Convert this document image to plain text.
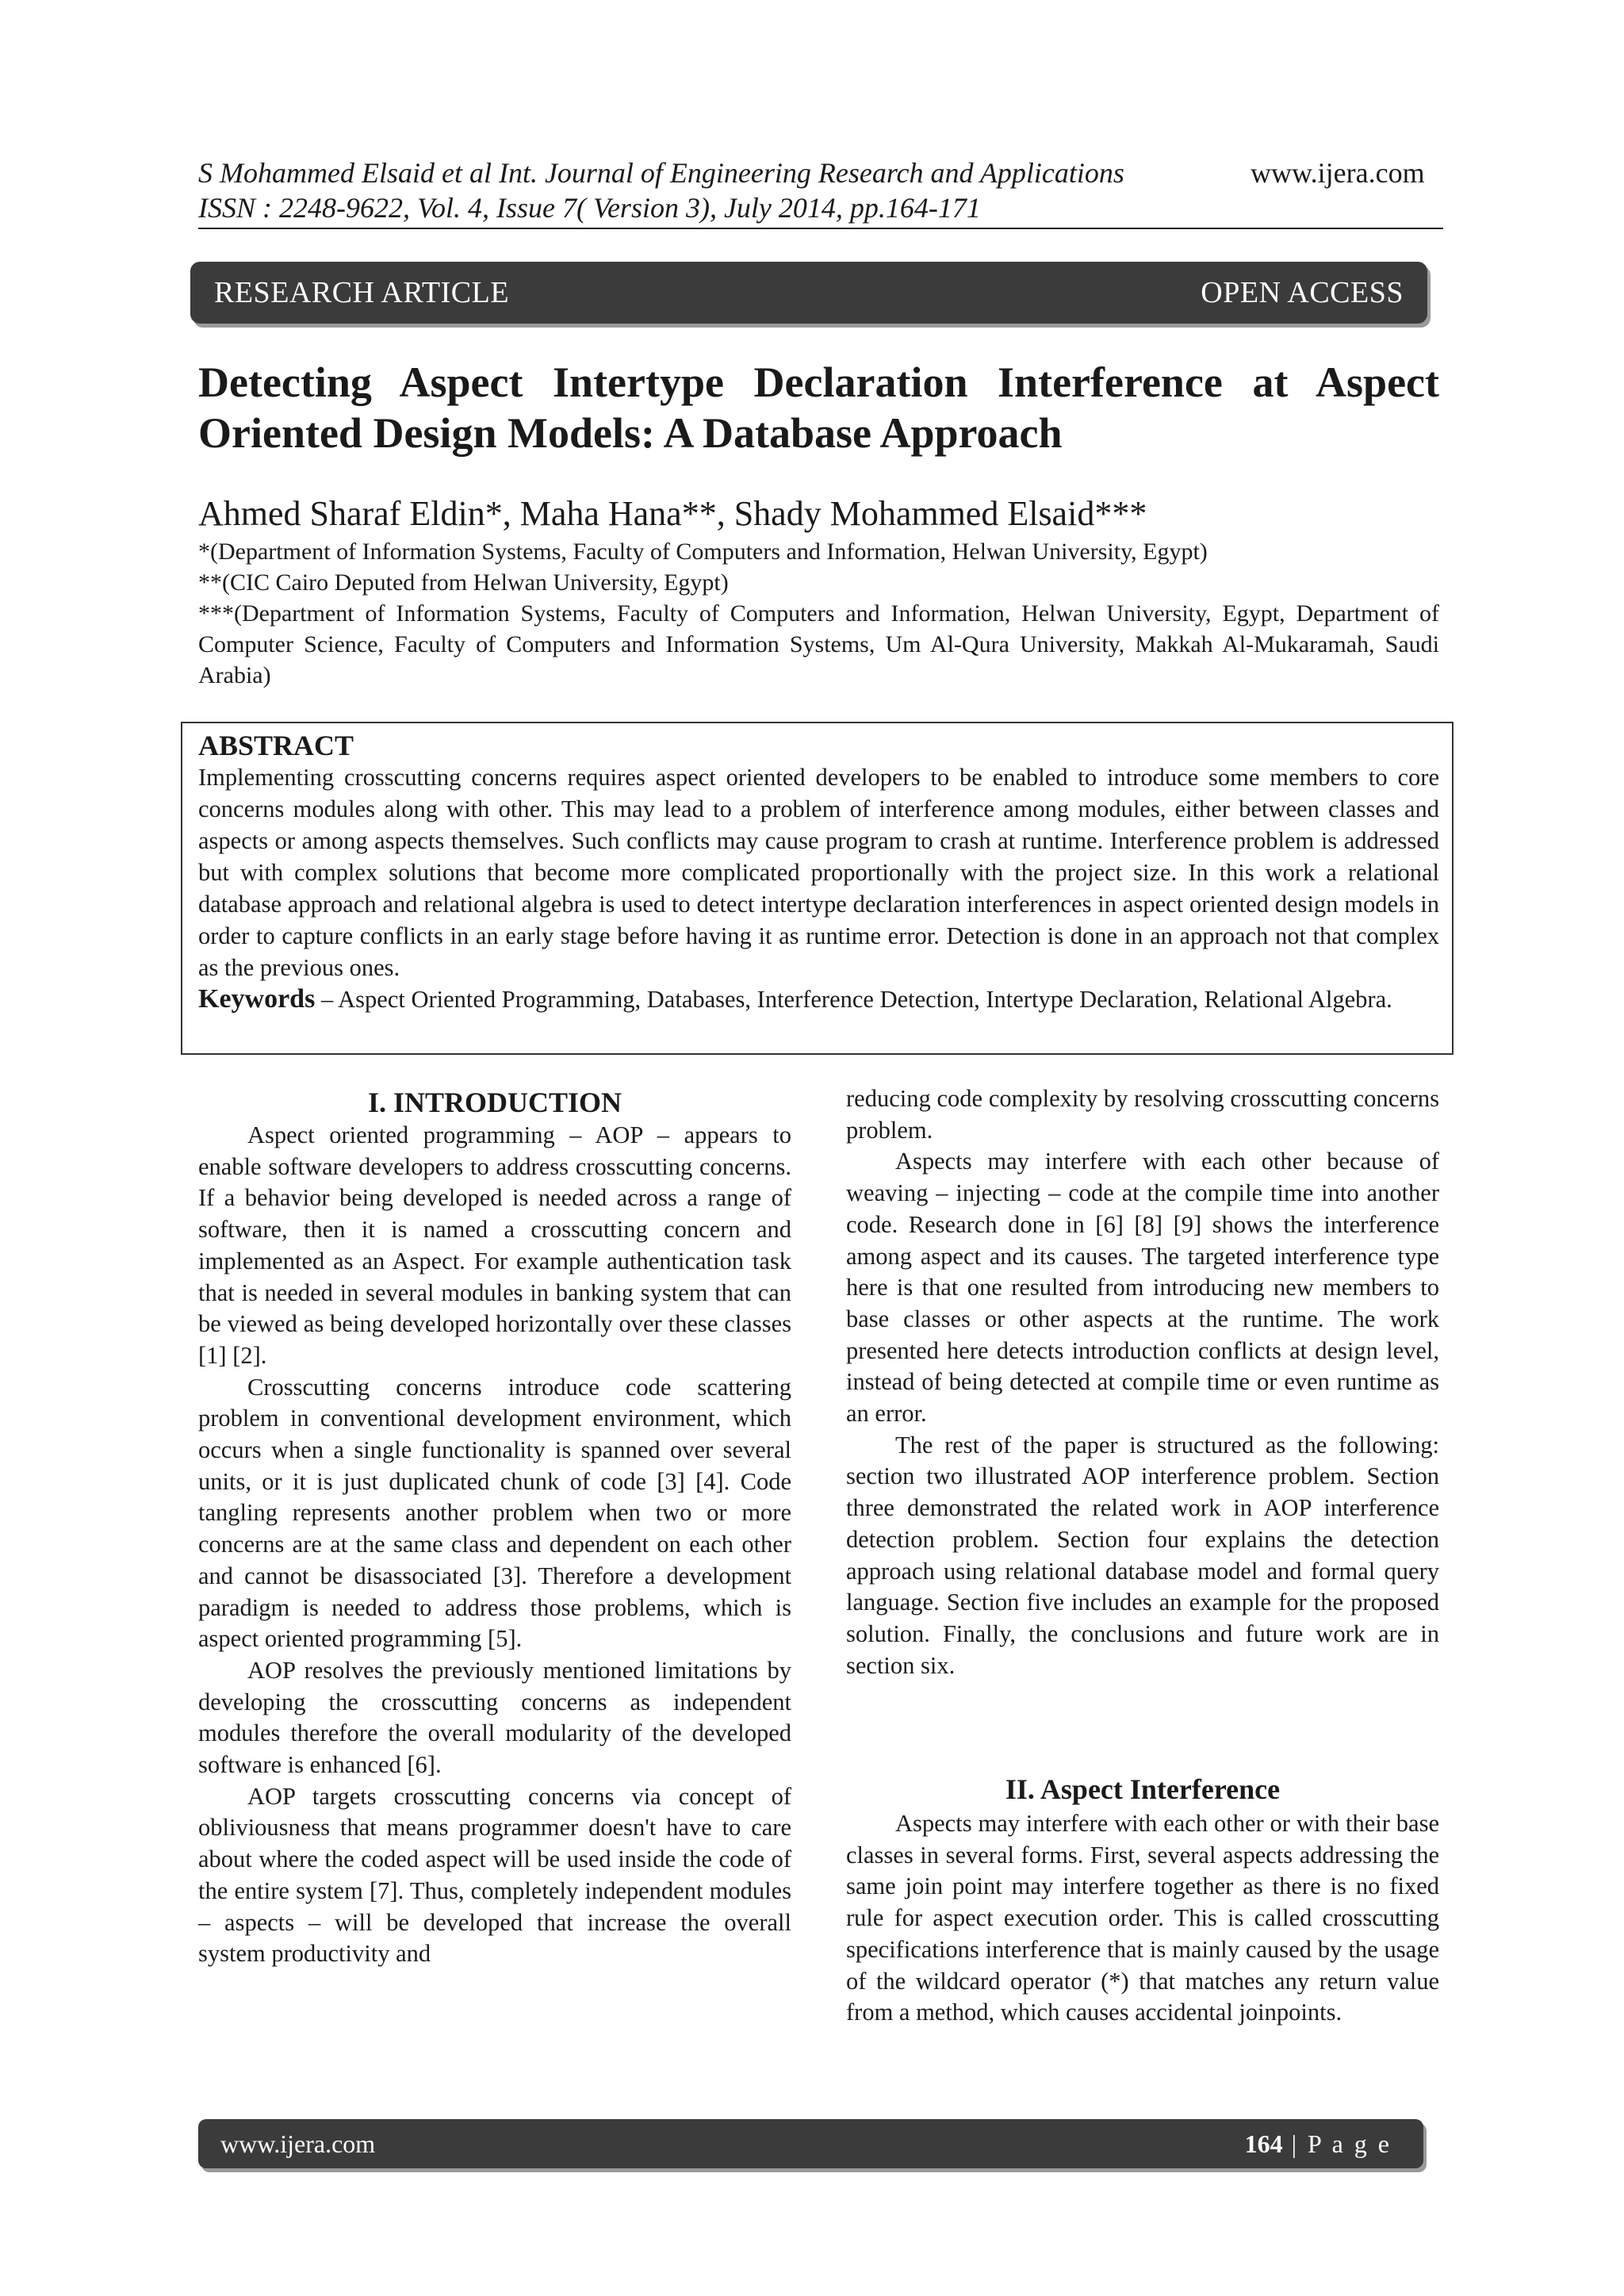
S Mohammed Elsaid et al Int. Journal of Engineering Research and Applications	www.ijera.com
ISSN : 2248-9622, Vol. 4, Issue 7( Version 3), July 2014, pp.164-171
RESEARCH ARTICLE	OPEN ACCESS
Detecting Aspect Intertype Declaration Interference at Aspect
Oriented Design Models: A Database Approach
Ahmed Sharaf Eldin*, Maha Hana**, Shady Mohammed Elsaid***
*(Department of Information Systems, Faculty of Computers and Information, Helwan University, Egypt)
**(CIC Cairo Deputed from Helwan University, Egypt)
***(Department of Information Systems, Faculty of Computers and Information, Helwan University, Egypt, Department of Computer Science, Faculty of Computers and Information Systems, Um Al-Qura University, Makkah Al-Mukaramah, Saudi Arabia)
ABSTRACT
Implementing crosscutting concerns requires aspect oriented developers to be enabled to introduce some members to core concerns modules along with other. This may lead to a problem of interference among modules, either between classes and aspects or among aspects themselves. Such conflicts may cause program to crash at runtime. Interference problem is addressed but with complex solutions that become more complicated proportionally with the project size. In this work a relational database approach and relational algebra is used to detect intertype declaration interferences in aspect oriented design models in order to capture conflicts in an early stage before having it as runtime error. Detection is done in an approach not that complex as the previous ones.
Keywords – Aspect Oriented Programming, Databases, Interference Detection, Intertype Declaration, Relational Algebra.
I. INTRODUCTION

Aspect oriented programming – AOP – appears to enable software developers to address crosscutting concerns. If a behavior being developed is needed across a range of software, then it is named a crosscutting concern and implemented as an Aspect. For example authentication task that is needed in several modules in banking system that can be viewed as being developed horizontally over these classes [1] [2].

Crosscutting concerns introduce code scattering problem in conventional development environment, which occurs when a single functionality is spanned over several units, or it is just duplicated chunk of code [3] [4]. Code tangling represents another problem when two or more concerns are at the same class and dependent on each other and cannot be disassociated [3]. Therefore a development paradigm is needed to address those problems, which is aspect oriented programming [5].

AOP resolves the previously mentioned limitations by developing the crosscutting concerns as independent modules therefore the overall modularity of the developed software is enhanced [6].

AOP targets crosscutting concerns via concept of obliviousness that means programmer doesn't have to care about where the coded aspect will be used inside the code of the entire system [7]. Thus, completely independent modules – aspects – will be developed that increase the overall system productivity and

reducing code complexity by resolving crosscutting concerns problem.

Aspects may interfere with each other because of weaving – injecting – code at the compile time into another code. Research done in [6] [8] [9] shows the interference among aspect and its causes. The targeted interference type here is that one resulted from introducing new members to base classes or other aspects at the runtime. The work presented here detects introduction conflicts at design level, instead of being detected at compile time or even runtime as an error.

The rest of the paper is structured as the following: section two illustrated AOP interference problem. Section three demonstrated the related work in AOP interference detection problem. Section four explains the detection approach using relational database model and formal query language. Section five includes an example for the proposed solution. Finally, the conclusions and future work are in section six.

II. Aspect Interference

Aspects may interfere with each other or with their base classes in several forms. First, several aspects addressing the same join point may interfere together as there is no fixed rule for aspect execution order. This is called crosscutting specifications interference that is mainly caused by the usage of the wildcard operator (*) that matches any return value from a method, which causes accidental joinpoints.

www.ijera.com	164 | P a g e
